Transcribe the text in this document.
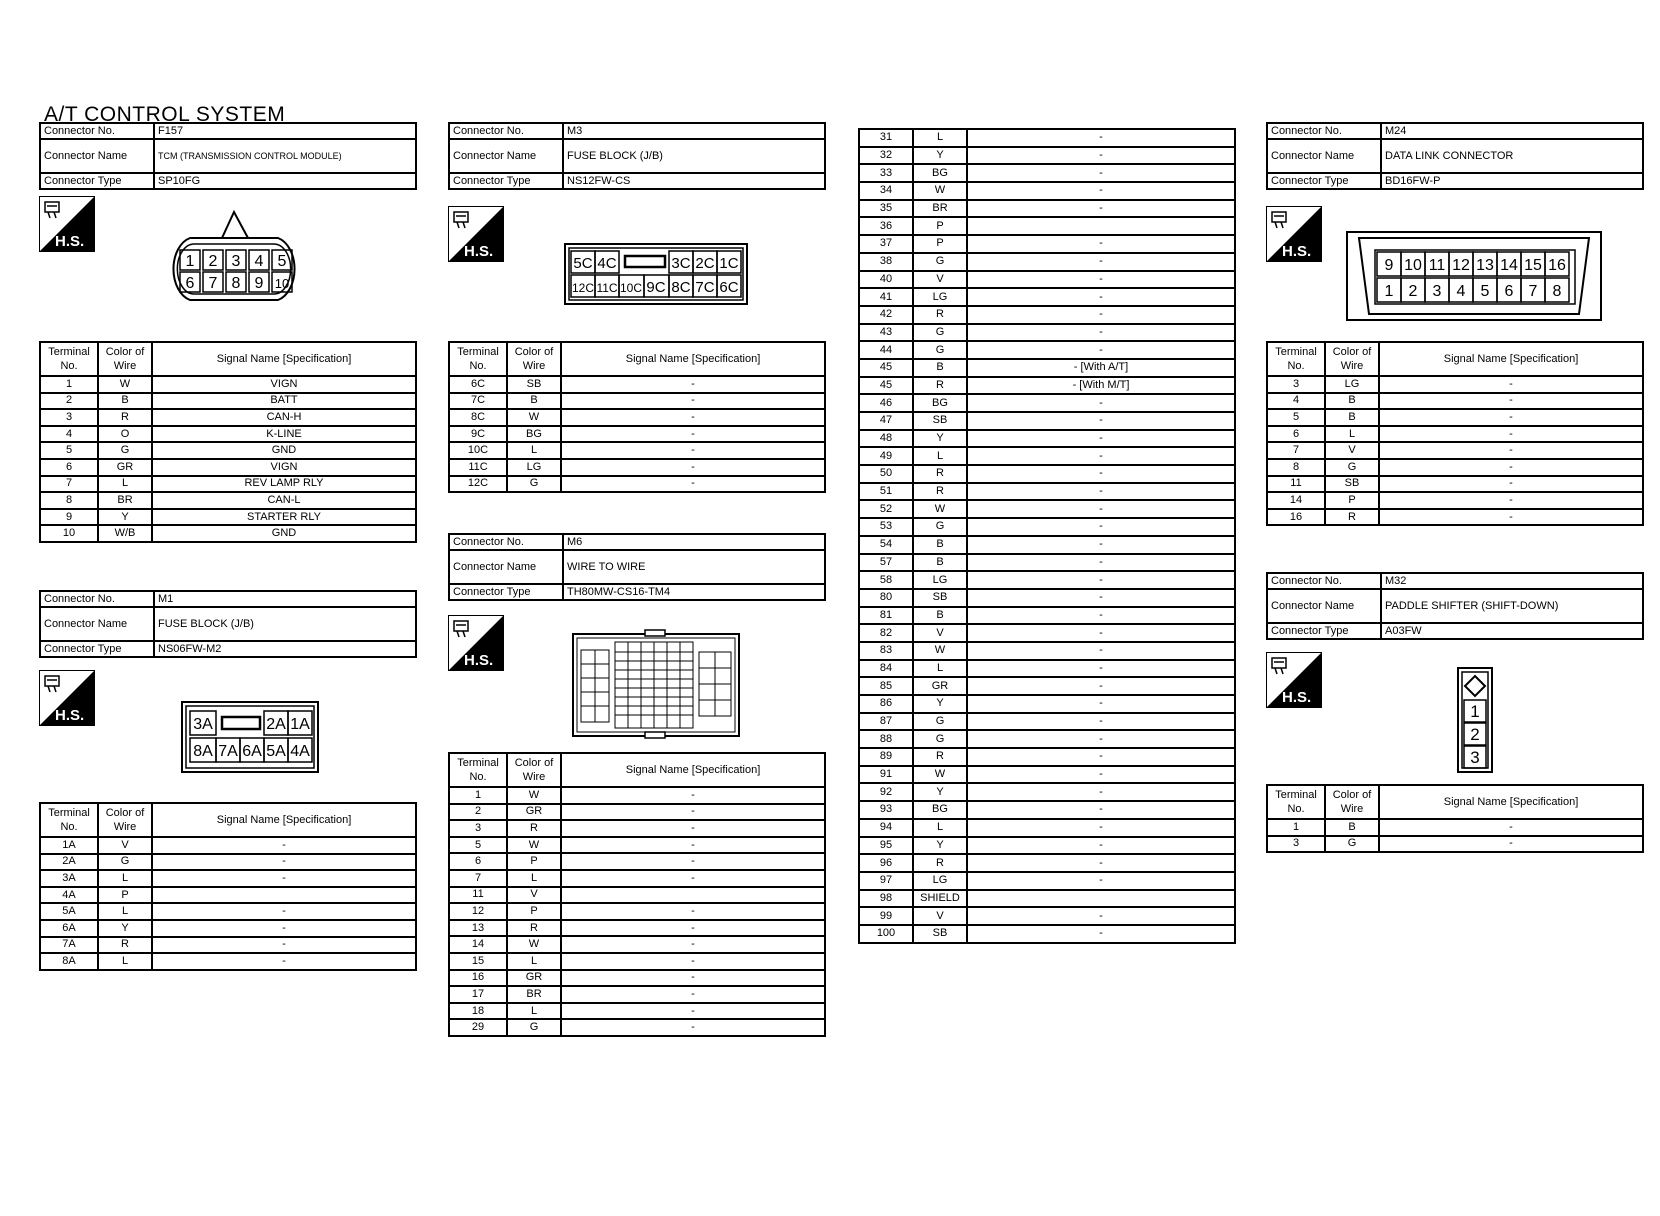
A/T CONTROL SYSTEM
Connector No.	F157
Connector Name	TCM (TRANSMISSION CONTROL MODULE)
Connector Type	SP10FG
H.S.
1 2 3 4 5
6 7 8 9 10
Terminal No.	Color of Wire	Signal Name [Specification]
1	W	VIGN
2	B	BATT
3	R	CAN-H
4	O	K-LINE
5	G	GND
6	GR	VIGN
7	L	REV LAMP RLY
8	BR	CAN-L
9	Y	STARTER RLY
10	W/B	GND
Connector No.	M1
Connector Name	FUSE BLOCK (J/B)
Connector Type	NS06FW-M2
H.S.
3A	2A 1A
8A 7A 6A 5A 4A
Terminal No.	Color of Wire	Signal Name [Specification]
1A	V	-
2A	G	-
3A	L	-
4A	P	
5A	L	-
6A	Y	-
7A	R	-
8A	L	-
Connector No.	M3
Connector Name	FUSE BLOCK (J/B)
Connector Type	NS12FW-CS
H.S.
5C 4C	3C 2C 1C
12C 11C 10C 9C 8C 7C 6C
Terminal No.	Color of Wire	Signal Name [Specification]
6C	SB	-
7C	B	-
8C	W	-
9C	BG	-
10C	L	-
11C	LG	-
12C	G	-
Connector No.	M6
Connector Name	WIRE TO WIRE
Connector Type	TH80MW-CS16-TM4
H.S.
Terminal No.	Color of Wire	Signal Name [Specification]
1	W	-
2	GR	-
3	R	-
5	W	-
6	P	-
7	L	-
11	V	
12	P	-
13	R	-
14	W	-
15	L	-
16	GR	-
17	BR	-
18	L	-
29	G	-
31	L	-
32	Y	-
33	BG	-
34	W	-
35	BR	-
36	P	
37	P	-
38	G	-
40	V	-
41	LG	-
42	R	-
43	G	-
44	G	-
45	B	- [With A/T]
45	R	- [With M/T]
46	BG	-
47	SB	-
48	Y	-
49	L	-
50	R	-
51	R	-
52	W	-
53	G	-
54	B	-
57	B	-
58	LG	-
80	SB	-
81	B	-
82	V	-
83	W	-
84	L	-
85	GR	-
86	Y	-
87	G	-
88	G	-
89	R	-
91	W	-
92	Y	-
93	BG	-
94	L	-
95	Y	-
96	R	-
97	LG	-
98	SHIELD	
99	V	-
100	SB	-
Connector No.	M24
Connector Name	DATA LINK CONNECTOR
Connector Type	BD16FW-P
H.S.
9 10 11 12 13 14 15 16
1 2 3 4 5 6 7 8
Terminal No.	Color of Wire	Signal Name [Specification]
3	LG	-
4	B	-
5	B	-
6	L	-
7	V	-
8	G	-
11	SB	-
14	P	-
16	R	-
Connector No.	M32
Connector Name	PADDLE SHIFTER (SHIFT-DOWN)
Connector Type	A03FW
H.S.
1
2
3
Terminal No.	Color of Wire	Signal Name [Specification]
1	B	-
3	G	-
